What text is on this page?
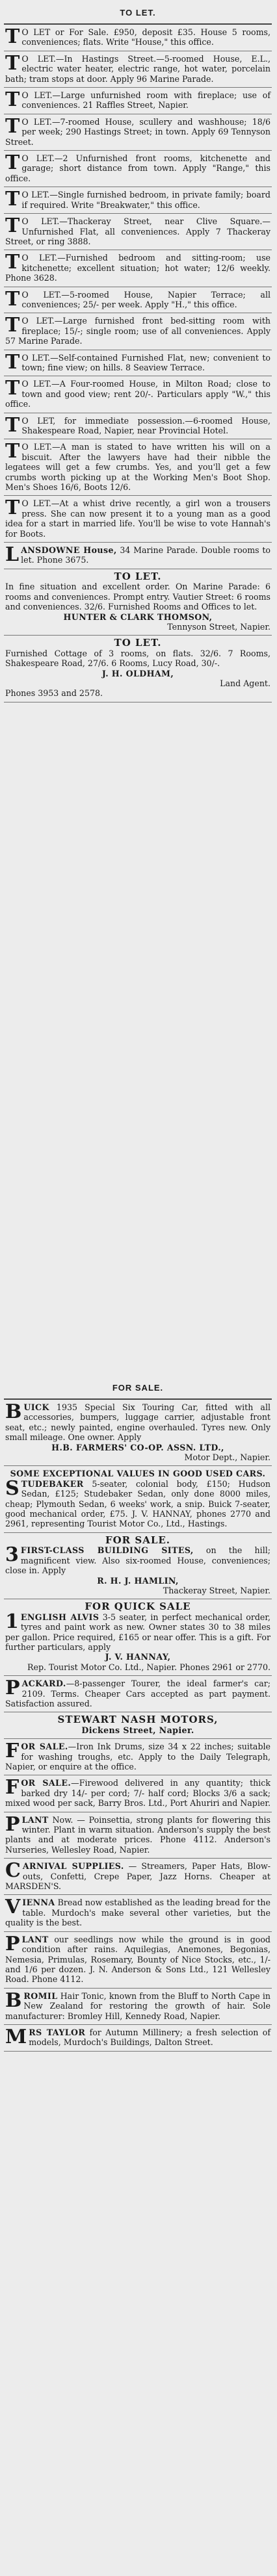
TO LET.

T O LET or For Sale. £950, deposit £35. House 5 rooms, conveniences; flats. Write "House," this office.

T O LET.—In Hastings Street.—5-roomed House, E.L., electric water heater, electric range, hot water, porcelain bath; tram stops at door. Apply 96 Marine Parade.

T O LET.—Large unfurnished room with fireplace; use of conveniences. 21 Raffles Street, Napier.

T O LET.—7-roomed House, scullery and washhouse; 18/6 per week; 290 Hastings Street; in town. Apply 69 Tennyson Street.

T O LET.—2 Unfurnished front rooms, kitchenette and garage; short distance from town. Apply "Range," this office.

T O LET.—Single furnished bedroom, in private family; board if required. Write "Breakwater," this office.

T O LET.—Thackeray Street, near Clive Square.—Unfurnished Flat, all conveniences. Apply 7 Thackeray Street, or ring 3888.

T O LET.—Furnished bedroom and sitting-room; use kitchenette; excellent situation; hot water; 12/6 weekly. Phone 3628.

T O LET.—5-roomed House, Napier Terrace; all conveniences; 25/- per week. Apply "H.," this office.

T O LET.—Large furnished front bed-sitting room with fireplace; 15/-; single room; use of all conveniences. Apply 57 Marine Parade.

T O LET.—Self-contained Furnished Flat, new; convenient to town; fine view; on hills. 8 Seaview Terrace.

T O LET.—A Four-roomed House, in Milton Road; close to town and good view; rent 20/-. Particulars apply "W.," this office.

T O LET, for immediate possession.—6-roomed House, Shakespeare Road, Napier, near Provincial Hotel.

T O LET.—A man is stated to have written his will on a biscuit. After the lawyers have had their nibble the legatees will get a few crumbs. Yes, and you'll get a few crumbs worth picking up at the Working Men's Boot Shop. Men's Shoes 16/6, Boots 12/6.

T O LET.—At a whist drive recently, a girl won a trousers press. She can now present it to a young man as a good idea for a start in married life. You'll be wise to vote Hannah's for Boots.

LANSDOWNE House, 34 Marine Parade. Double rooms to let. Phone 3675.

TO LET.

In fine situation and excellent order. On Marine Parade: 6 rooms and conveniences. Prompt entry. Vautier Street: 6 rooms and conveniences. 32/6. Furnished Rooms and Offices to let.

HUNTER & CLARK THOMSON,

Tennyson Street, Napier.

TO LET.

Furnished Cottage of 3 rooms, on flats. 32/6. 7 Rooms, Shakespeare Road, 27/6. 6 Rooms, Lucy Road, 30/-.

J. H. OLDHAM,

Land Agent.

Phones 3953 and 2578.

FOR SALE.

BUICK 1935 Special Six Touring Car, fitted with all accessories, bumpers, luggage carrier, adjustable front seat, etc.; newly painted, engine overhauled. Tyres new. Only small mileage. One owner. Apply

H.B. FARMERS' CO-OP. ASSN. LTD.,

Motor Dept., Napier.

SOME EXCEPTIONAL VALUES IN GOOD USED CARS.

STUDEBAKER 5-seater, colonial body, £150; Hudson Sedan, £125; Studebaker Sedan, only done 8000 miles, cheap; Plymouth Sedan, 6 weeks' work, a snip. Buick 7-seater, good mechanical order, £75. J. V. HANNAY, phones 2770 and 2961, representing Tourist Motor Co., Ltd., Hastings.

FOR SALE.

3 FIRST-CLASS BUILDING SITES, on the hill; magnificent view. Also six-roomed House, conveniences; close in. Apply

R. H. J. HAMLIN,

Thackeray Street, Napier.

FOR QUICK SALE

1 ENGLISH ALVIS 3-5 seater, in perfect mechanical order, tyres and paint work as new. Owner states 30 to 38 miles per gallon. Price required, £165 or near offer. This is a gift. For further particulars, apply

J. V. HANNAY,

Rep. Tourist Motor Co. Ltd., Napier. Phones 2961 or 2770.

PACKARD.—8-passenger Tourer, the ideal farmer's car; 2109. Terms. Cheaper Cars accepted as part payment. Satisfaction assured.

STEWART NASH MOTORS,

Dickens Street, Napier.

FOR SALE.—Iron Ink Drums, size 34 x 22 inches; suitable for washing troughs, etc. Apply to the Daily Telegraph, Napier, or enquire at the office.

FOR SALE.—Firewood delivered in any quantity; thick barked dry 14/- per cord; 7/- half cord; Blocks 3/6 a sack; mixed wood per sack, Barry Bros. Ltd., Port Ahuriri and Napier.

PLANT Now. — Poinsettia, strong plants for flowering this winter. Plant in warm situation. Anderson's supply the best plants and at moderate prices. Phone 4112. Anderson's Nurseries, Wellesley Road, Napier.

CARNIVAL SUPPLIES. — Streamers, Paper Hats, Blow-outs, Confetti, Crepe Paper, Jazz Horns. Cheaper at MARSDEN'S.

VIENNA Bread now established as the leading bread for the table. Murdoch's make several other varieties, but the quality is the best.

PLANT our seedlings now while the ground is in good condition after rains. Aquilegias, Anemones, Begonias, Nemesia, Primulas, Rosemary, Bounty of Nice Stocks, etc., 1/- and 1/6 per dozen. J. N. Anderson & Sons Ltd., 121 Wellesley Road. Phone 4112.

BROMIL Hair Tonic, known from the Bluff to North Cape in New Zealand for restoring the growth of hair. Sole manufacturer: Bromley Hill, Kennedy Road, Napier.

MRS TAYLOR for Autumn Millinery; a fresh selection of models, Murdoch's Buildings, Dalton Street.
